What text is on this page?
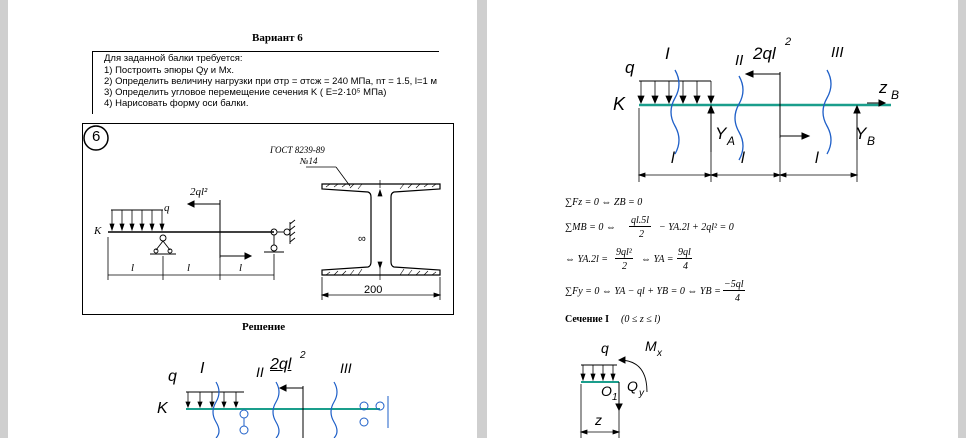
Вариант 6
Для заданной балки требуется:
1) Построить эпюры Qy и Mx.
2) Определить величину нагрузки при σтр = σтсж = 240 МПа, nт = 1.5, l=1 м
3) Определить угловое перемещение сечения K ( E=2·10⁵ МПа)
4) Нарисовать форму оси балки.
6
ГОСТ 8239-89
№14
q
2ql²
K
l	l	l
∞
200
Решение
q I	II 2ql
2
III
K
q
I	II 2ql
2
III
K
z B
Y A	Y B
l	l	l
∑Fz = 0 ⇔ ZB = 0
∑MB = 0 ⇔
ql.5l
2
− YA.2l + 2ql² = 0
⇔ YA.2l =
9ql²
2
⇔ YA =
9ql
4
∑Fy = 0 ⇔ YA − ql + YB = 0 ⇔ YB =
−5ql
4
Сечение I (0 ≤ z ≤ l)
q	M x
O 1
Q y
z
